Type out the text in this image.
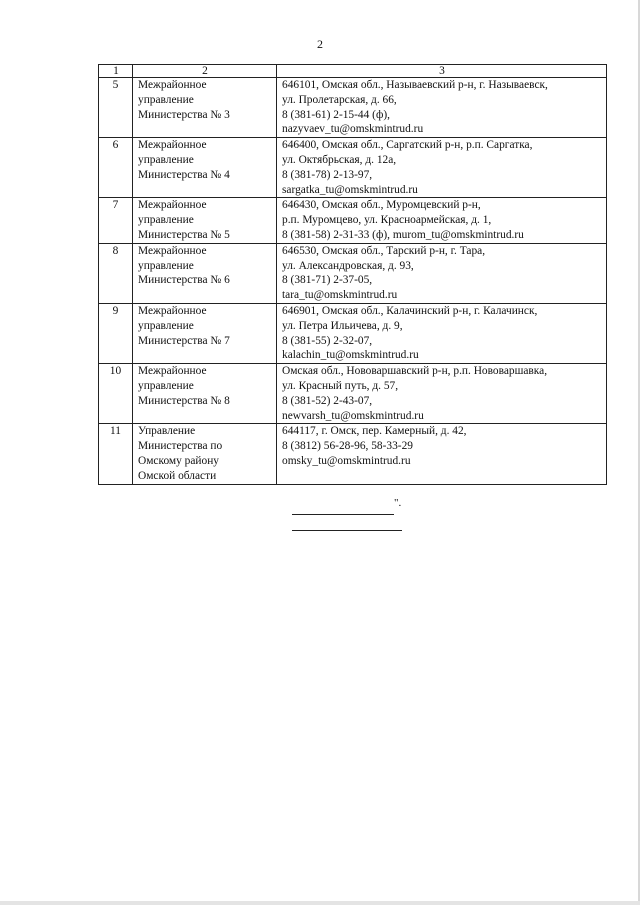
2
1	2	3
5	Межрайонное
управление
Министерства № 3	646101, Омская обл., Называевский р-н, г. Называевск,
ул. Пролетарская, д. 66,
8 (381-61) 2-15-44 (ф),
nazyvaev_tu@omskmintrud.ru

6	Межрайонное
управление
Министерства № 4	646400, Омская обл., Саргатский р-н, р.п. Саргатка,
ул. Октябрьская, д. 12а,
8 (381-78) 2-13-97,
sargatka_tu@omskmintrud.ru

7	Межрайонное
управление
Министерства № 5	646430, Омская обл., Муромцевский р-н,
р.п. Муромцево, ул. Красноармейская, д. 1,
8 (381-58) 2-31-33 (ф), murom_tu@omskmintrud.ru

8	Межрайонное
управление
Министерства № 6	646530, Омская обл., Тарский р-н, г. Тара,
ул. Александровская, д. 93,
8 (381-71) 2-37-05,
tara_tu@omskmintrud.ru

9	Межрайонное
управление
Министерства № 7	646901, Омская обл., Калачинский р-н, г. Калачинск,
ул. Петра Ильичева, д. 9,
8 (381-55) 2-32-07,
kalachin_tu@omskmintrud.ru

10	Межрайонное
управление
Министерства № 8	Омская обл., Нововаршавский р-н, р.п. Нововаршавка,
ул. Красный путь, д. 57,
8 (381-52) 2-43-07,
newvarsh_tu@omskmintrud.ru

11	Управление
Министерства по
Омскому району
Омской области	644117, г. Омск, пер. Камерный, д. 42,
8 (3812) 56-28-96, 58-33-29
omsky_tu@omskmintrud.ru
".
